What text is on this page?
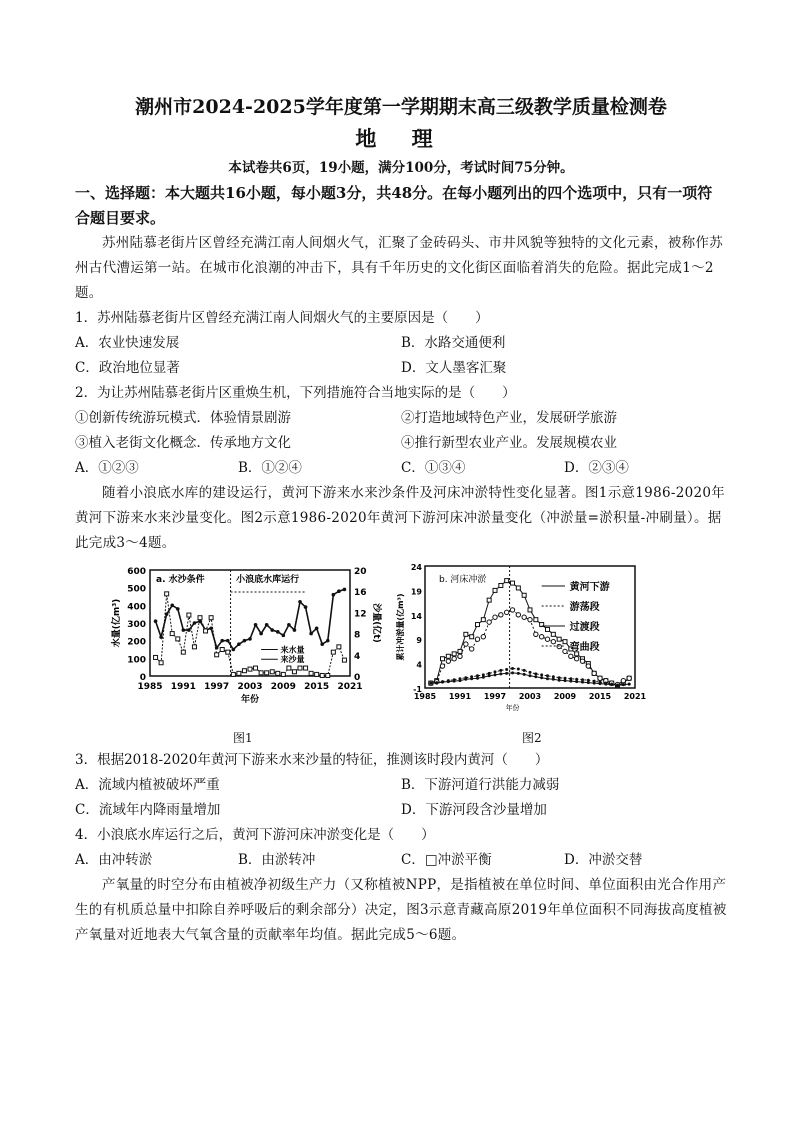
潮州市2024-2025学年度第一学期期末高三级教学质量检测卷
地 理
本试卷共6页，19小题，满分100分，考试时间75分钟。
一、选择题：本大题共16小题，每小题3分，共48分。在每小题列出的四个选项中，只有一项符合题目要求。
苏州陆慕老街片区曾经充满江南人间烟火气，汇聚了金砖码头、市井风貌等独特的文化元素，被称作苏州古代漕运第一站。在城市化浪潮的冲击下，具有千年历史的文化街区面临着消失的危险。据此完成1～2题。
1．苏州陆慕老街片区曾经充满江南人间烟火气的主要原因是（　　）
A．农业快速发展	B．水路交通便利
C．政治地位显著	D．文人墨客汇聚
2．为让苏州陆慕老街片区重焕生机，下列措施符合当地实际的是（　　）
①创新传统游玩模式．体验情景剧游	②打造地域特色产业，发展研学旅游
③植入老街文化概念．传承地方文化	④推行新型农业产业。发展规模农业
A．①②③	B．①②④	C．①③④	D．②③④
随着小浪底水库的建设运行，黄河下游来水来沙条件及河床冲淤特性变化显著。图1示意1986-2020年黄河下游来水来沙量变化。图2示意1986-2020年黄河下游河床冲淤量变化（冲淤量=淤积量-冲刷量）。据此完成3～4题。
0
100
200
300
400
500
600
0
4
8
12
16
20
1985 1991 1997 2003 2009 2015 2021
年份
水量(亿m³)	沙量(亿t)
a. 水沙条件	小浪底水库运行
来水量
来沙量
-1
4
9
14
19
24
1985 1991 1997 2003 2009 2015 2021
年份
累计冲淤量(亿m³)
b. 河床冲淤
黄河下游
游荡段
过渡段
弯曲段
图1	图2
3．根据2018-2020年黄河下游来水来沙量的特征，推测该时段内黄河（　　）
A．流域内植被破坏严重	B．下游河道行洪能力减弱
C．流域年内降雨量增加	D．下游河段含沙量增加
4．小浪底水库运行之后，黄河下游河床冲淤变化是（　　）
A．由冲转淤	B．由淤转冲	C．□冲淤平衡	D．冲淤交替
产氧量的时空分布由植被净初级生产力（又称植被NPP，是指植被在单位时间、单位面积由光合作用产生的有机质总量中扣除自养呼吸后的剩余部分）决定，图3示意青藏高原2019年单位面积不同海拔高度植被产氧量对近地表大气氧含量的贡献率年均值。据此完成5～6题。
